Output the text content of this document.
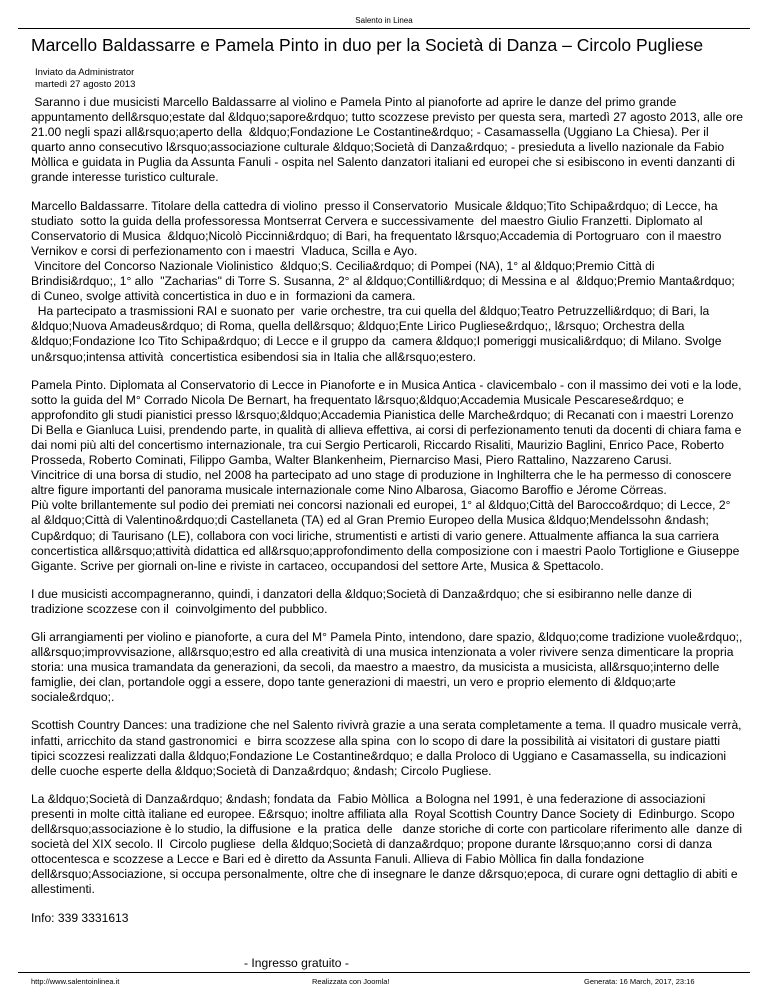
Salento in Linea
Marcello Baldassarre e Pamela Pinto in duo per la Società di Danza – Circolo Pugliese
Inviato da Administrator
martedì 27 agosto 2013

Saranno i due musicisti Marcello Baldassarre al violino e Pamela Pinto al pianoforte ad aprire le danze del primo grande appuntamento dell&rsquo;estate dal &ldquo;sapore&rdquo; tutto scozzese previsto per questa sera, martedì 27 agosto 2013, alle ore 21.00 negli spazi all&rsquo;aperto della  &ldquo;Fondazione Le Costantine&rdquo; - Casamassella (Uggiano La Chiesa). Per il quarto anno consecutivo l&rsquo;associazione culturale &ldquo;Società di Danza&rdquo; - presieduta a livello nazionale da Fabio Mòllica e guidata in Puglia da Assunta Fanuli - ospita nel Salento danzatori italiani ed europei che si esibiscono in eventi danzanti di grande interesse turistico culturale.

Marcello Baldassarre. Titolare della cattedra di violino  presso il Conservatorio  Musicale &ldquo;Tito Schipa&rdquo; di Lecce, ha studiato  sotto la guida della professoressa Montserrat Cervera e successivamente  del maestro Giulio Franzetti. Diplomato al Conservatorio di Musica  &ldquo;Nicolò Piccinni&rdquo; di Bari, ha frequentato l&rsquo;Accademia di Portogruaro  con il maestro Vernikov e corsi di perfezionamento con i maestri  Vladuca, Scilla e Ayo.
Vincitore del Concorso Nazionale Violinistico  &ldquo;S. Cecilia&rdquo; di Pompei (NA), 1° al &ldquo;Premio Città di Brindisi&rdquo;, 1° allo  "Zacharias" di Torre S. Susanna, 2° al &ldquo;Contilli&rdquo; di Messina e al  &ldquo;Premio Manta&rdquo; di Cuneo, svolge attività concertistica in duo e in  formazioni da camera.
Ha partecipato a trasmissioni RAI e suonato per  varie orchestre, tra cui quella del &ldquo;Teatro Petruzzelli&rdquo; di Bari, la  &ldquo;Nuova Amadeus&rdquo; di Roma, quella dell&rsquo; &ldquo;Ente Lirico Pugliese&rdquo;, l&rsquo; Orchestra della &ldquo;Fondazione Ico Tito Schipa&rdquo; di Lecce e il gruppo da  camera &ldquo;I pomeriggi musicali&rdquo; di Milano. Svolge un&rsquo;intensa attività  concertistica esibendosi sia in Italia che all&rsquo;estero.

Pamela Pinto. Diplomata al Conservatorio di Lecce in Pianoforte e in Musica Antica - clavicembalo - con il massimo dei voti e la lode, sotto la guida del M° Corrado Nicola De Bernart, ha frequentato l&rsquo;&ldquo;Accademia Musicale Pescarese&rdquo; e approfondito gli studi pianistici presso l&rsquo;&ldquo;Accademia Pianistica delle Marche&rdquo; di Recanati con i maestri Lorenzo Di Bella e Gianluca Luisi, prendendo parte, in qualità di allieva effettiva, ai corsi di perfezionamento tenuti da docenti di chiara fama e dai nomi più alti del concertismo internazionale, tra cui Sergio Perticaroli, Riccardo Risaliti, Maurizio Baglini, Enrico Pace, Roberto Prosseda, Roberto Cominati, Filippo Gamba, Walter Blankenheim, Piernarciso Masi, Piero Rattalino, Nazzareno Carusi.
Vincitrice di una borsa di studio, nel 2008 ha partecipato ad uno stage di produzione in Inghilterra che le ha permesso di conoscere altre figure importanti del panorama musicale internazionale come Nino Albarosa, Giacomo Baroffio e Jérome Cörreas.
Più volte brillantemente sul podio dei premiati nei concorsi nazionali ed europei, 1° al &ldquo;Città del Barocco&rdquo; di Lecce, 2° al &ldquo;Città di Valentino&rdquo;di Castellaneta (TA) ed al Gran Premio Europeo della Musica &ldquo;Mendelssohn &ndash; Cup&rdquo; di Taurisano (LE), collabora con voci liriche, strumentisti e artisti di vario genere. Attualmente affianca la sua carriera concertistica all&rsquo;attività didattica ed all&rsquo;approfondimento della composizione con i maestri Paolo Tortiglione e Giuseppe Gigante. Scrive per giornali on-line e riviste in cartaceo, occupandosi del settore Arte, Musica & Spettacolo.

I due musicisti accompagneranno, quindi, i danzatori della &ldquo;Società di Danza&rdquo; che si esibiranno nelle danze di tradizione scozzese con il  coinvolgimento del pubblico.

Gli arrangiamenti per violino e pianoforte, a cura del M° Pamela Pinto, intendono, dare spazio, &ldquo;come tradizione vuole&rdquo;, all&rsquo;improvvisazione, all&rsquo;estro ed alla creatività di una musica intenzionata a voler rivivere senza dimenticare la propria storia: una musica tramandata da generazioni, da secoli, da maestro a maestro, da musicista a musicista, all&rsquo;interno delle famiglie, dei clan, portandole oggi a essere, dopo tante generazioni di maestri, un vero e proprio elemento di &ldquo;arte sociale&rdquo;.

Scottish Country Dances: una tradizione che nel Salento rivivrà grazie a una serata completamente a tema. Il quadro musicale verrà, infatti, arricchito da stand gastronomici  e  birra scozzese alla spina  con lo scopo di dare la possibilità ai visitatori di gustare piatti tipici scozzesi realizzati dalla &ldquo;Fondazione Le Costantine&rdquo; e dalla Proloco di Uggiano e Casamassella, su indicazioni delle cuoche esperte della &ldquo;Società di Danza&rdquo; &ndash; Circolo Pugliese.

La &ldquo;Società di Danza&rdquo; &ndash; fondata da  Fabio Mòllica  a Bologna nel 1991, è una federazione di associazioni presenti in molte città italiane ed europee. E&rsquo; inoltre affiliata alla  Royal Scottish Country Dance Society di  Edinburgo. Scopo dell&rsquo;associazione è lo studio, la diffusione  e la  pratica  delle   danze storiche di corte con particolare riferimento alle  danze di società del XIX secolo. Il  Circolo pugliese  della &ldquo;Società di danza&rdquo; propone durante l&rsquo;anno  corsi di danza ottocentesca e scozzese a Lecce e Bari ed è diretto da Assunta Fanuli. Allieva di Fabio Mòllica fin dalla fondazione dell&rsquo;Associazione, si occupa personalmente, oltre che di insegnare le danze d&rsquo;epoca, di curare ogni dettaglio di abiti e allestimenti.

Info: 339 3331613

- Ingresso gratuito -
http://www.salentoinlinea.it	Realizzata con Joomla!	Generata: 16 March, 2017, 23:16
